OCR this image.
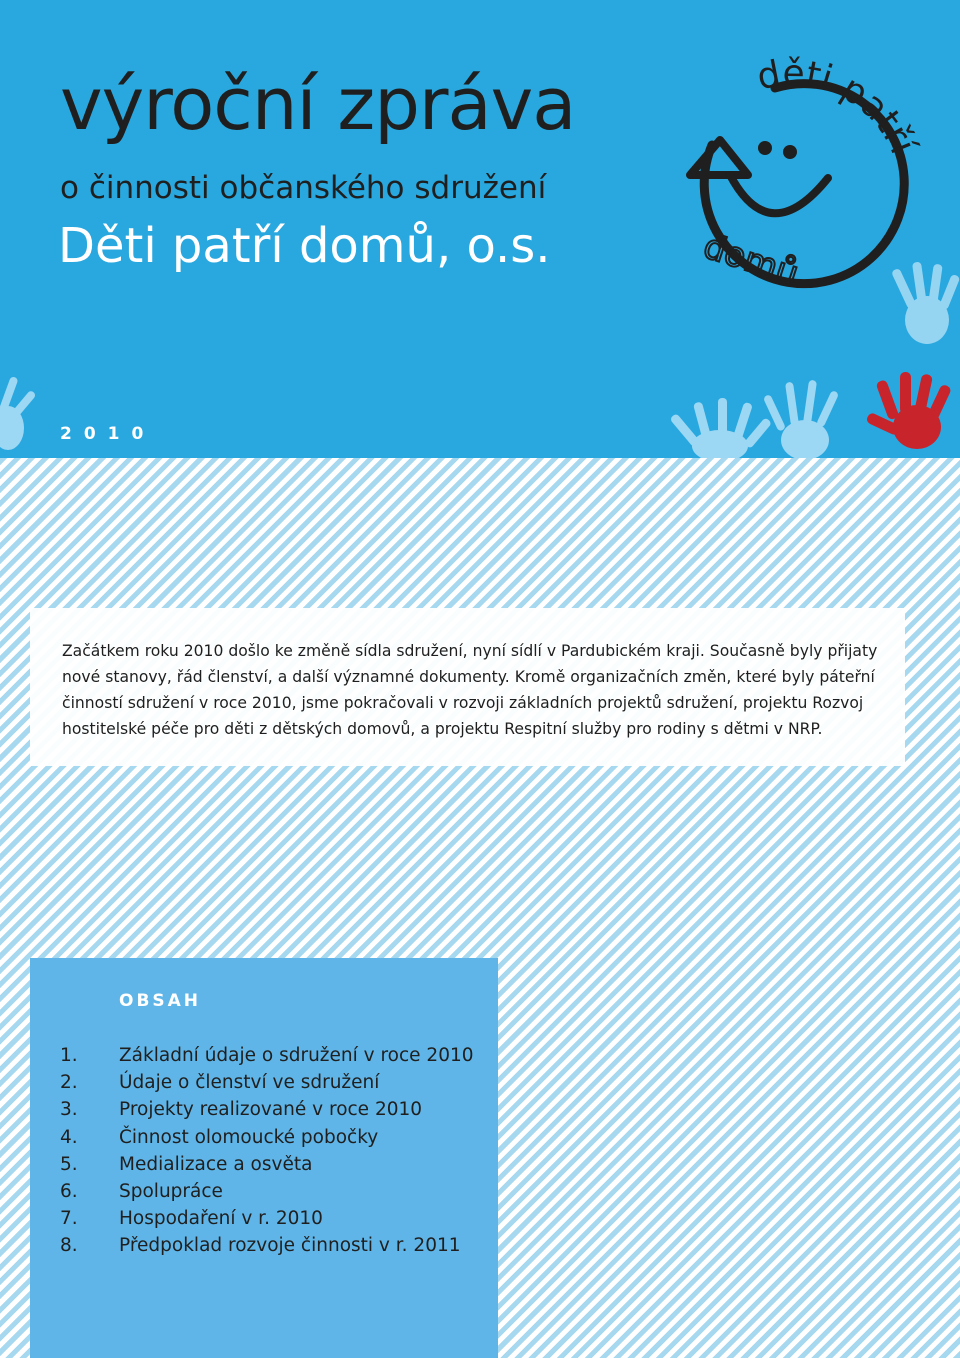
výroční zpráva
o činnosti občanského sdružení
Děti patří domů, o.s.
2010
děti patří
domů

Začátkem roku 2010 došlo ke změně sídla sdružení, nyní sídlí v Pardubickém kraji. Současně byly přijaty nové stanovy, řád členství, a další významné dokumenty. Kromě organizačních změn, které byly páteřní činností sdružení v roce 2010, jsme pokračovali v rozvoji základních projektů sdružení, projektu Rozvoj hostitelské péče pro děti z dětských domovů, a projektu Respitní služby pro rodiny s dětmi v NRP.

OBSAH
1. Základní údaje o sdružení v roce 2010
2. Údaje o členství ve sdružení
3. Projekty realizované v roce 2010
4. Činnost olomoucké pobočky
5. Medializace a osvěta
6. Spolupráce
7. Hospodaření v r. 2010
8. Předpoklad rozvoje činnosti v r. 2011
